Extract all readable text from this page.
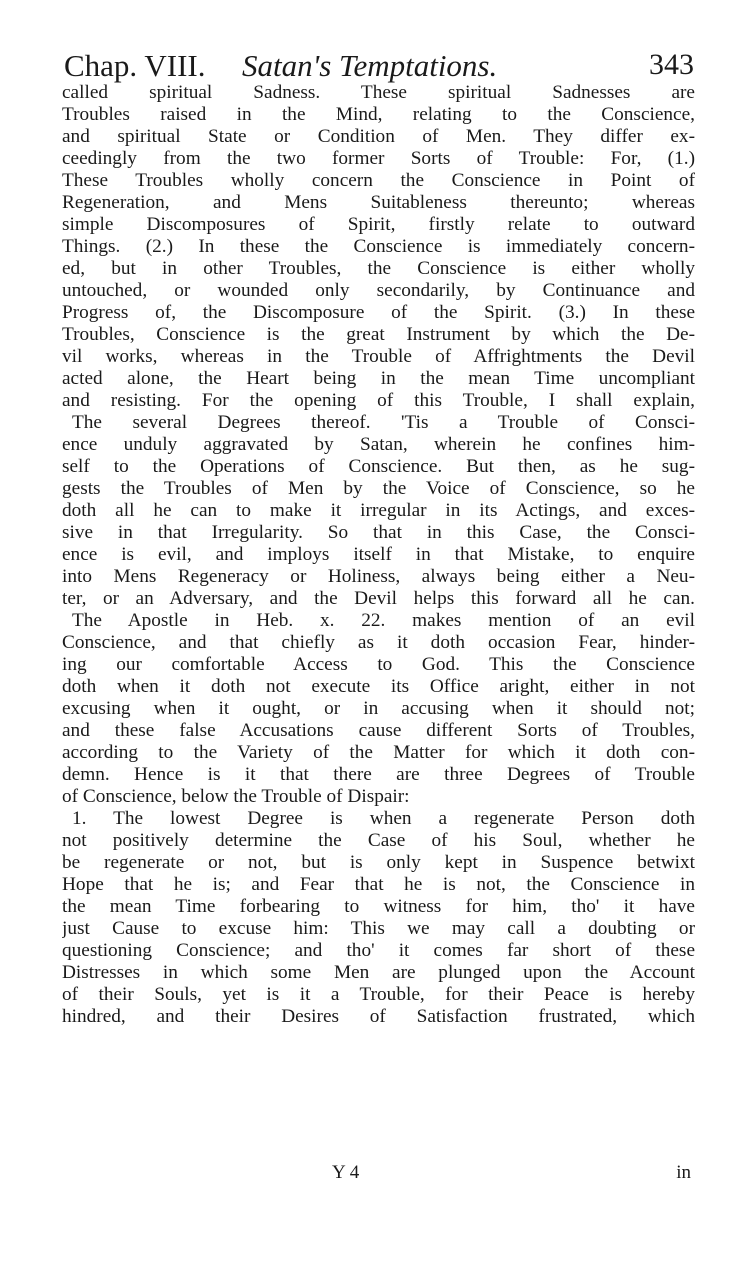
Chap. VIII. Satan's Temptations.	343
called spiritual Sadness. These spiritual Sadnesses are
Troubles raised in the Mind, relating to the Conscience,
and spiritual State or Condition of Men. They differ ex-
ceedingly from the two former Sorts of Trouble: For, (1.)
These Troubles wholly concern the Conscience in Point of
Regeneration, and Mens Suitableness thereunto; whereas
simple Discomposures of Spirit, firstly relate to outward
Things. (2.) In these the Conscience is immediately concern-
ed, but in other Troubles, the Conscience is either wholly
untouched, or wounded only secondarily, by Continuance and
Progress of, the Discomposure of the Spirit. (3.) In these
Troubles, Conscience is the great Instrument by which the De-
vil works, whereas in the Trouble of Affrightments the Devil
acted alone, the Heart being in the mean Time uncompliant
and resisting. For the opening of this Trouble, I shall explain,
The several Degrees thereof. 'Tis a Trouble of Consci-
ence unduly aggravated by Satan, wherein he confines him-
self to the Operations of Conscience. But then, as he sug-
gests the Troubles of Men by the Voice of Conscience, so he
doth all he can to make it irregular in its Actings, and exces-
sive in that Irregularity. So that in this Case, the Consci-
ence is evil, and imploys itself in that Mistake, to enquire
into Mens Regeneracy or Holiness, always being either a Neu-
ter, or an Adversary, and the Devil helps this forward all he can.
The Apostle in Heb. x. 22. makes mention of an evil
Conscience, and that chiefly as it doth occasion Fear, hinder-
ing our comfortable Access to God. This the Conscience
doth when it doth not execute its Office aright, either in not
excusing when it ought, or in accusing when it should not;
and these false Accusations cause different Sorts of Troubles,
according to the Variety of the Matter for which it doth con-
demn. Hence is it that there are three Degrees of Trouble
of Conscience, below the Trouble of Dispair:
1. The lowest Degree is when a regenerate Person doth
not positively determine the Case of his Soul, whether he
be regenerate or not, but is only kept in Suspence betwixt
Hope that he is; and Fear that he is not, the Conscience in
the mean Time forbearing to witness for him, tho' it have
just Cause to excuse him: This we may call a doubting or
questioning Conscience; and tho' it comes far short of these
Distresses in which some Men are plunged upon the Account
of their Souls, yet is it a Trouble, for their Peace is hereby
hindred, and their Desires of Satisfaction frustrated, which
Y 4	in
